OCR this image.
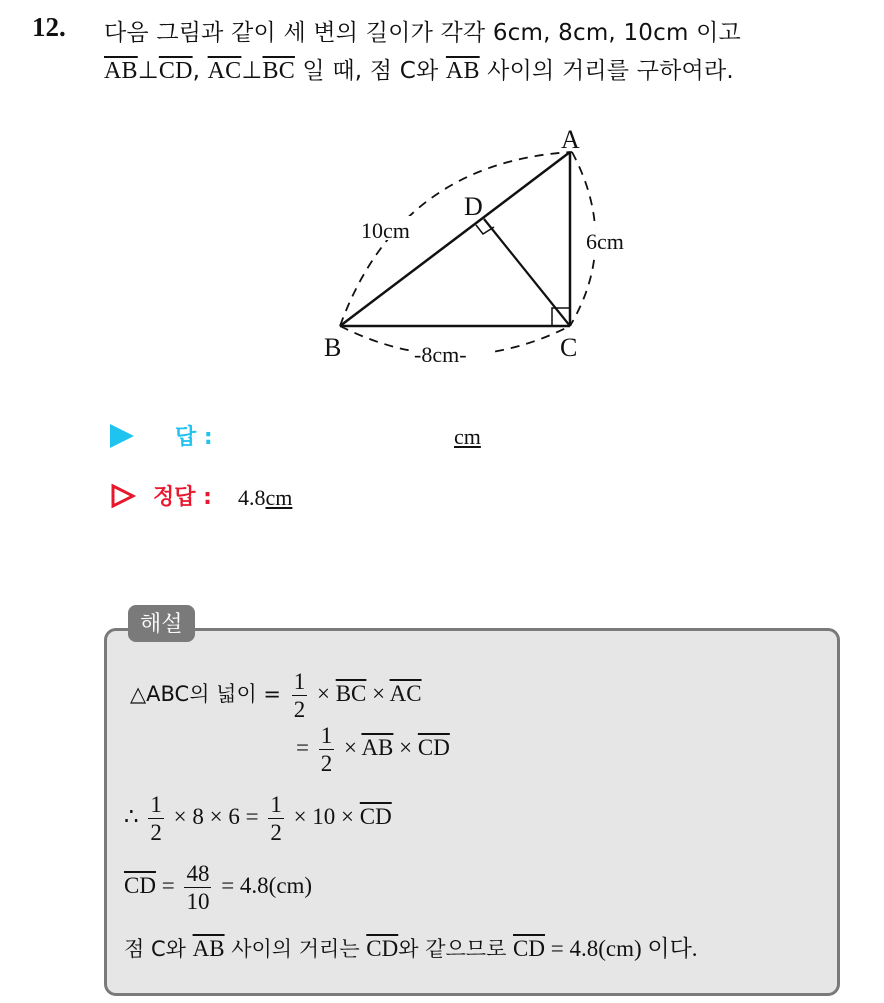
12. 다음 그림과 같이 세 변의 길이가 각각 6cm, 8cm, 10cm 이고
$\overline{AB}\perp\overline{CD}$, $\overline{AC}\perp\overline{BC}$ 일 때, 점 C와 $\overline{AB}$ 사이의 거리를 구하여라.
A
B	C
D
10cm	6cm
-8cm-
답 :	cm
정답 : 4.8cm
해설
△ABC의 넓이 = $\frac{1}{2} \times \overline{BC} \times \overline{AC}$
= $\frac{1}{2} \times \overline{AB} \times \overline{CD}$
∴ $\frac{1}{2} \times 8 \times 6 = \frac{1}{2} \times 10 \times \overline{CD}$
$\overline{CD} = \frac{48}{10} = 4.8(cm)$
점 C와 $\overline{AB}$ 사이의 거리는 $\overline{CD}$와 같으므로 $\overline{CD} = 4.8(cm)$ 이다.
